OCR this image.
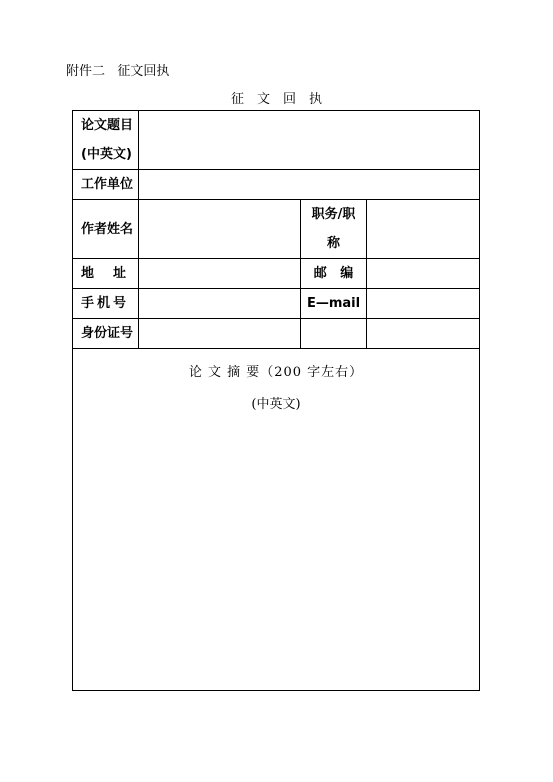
附件二   征文回执
征文回执
论文题目
(中英文)			

工作单位			
作者姓名		职务/职
称	

地 址		邮 编	

手 机 号		E—mail	
身份证号			

论 文 摘 要（200 字左右）
(中英文)			
